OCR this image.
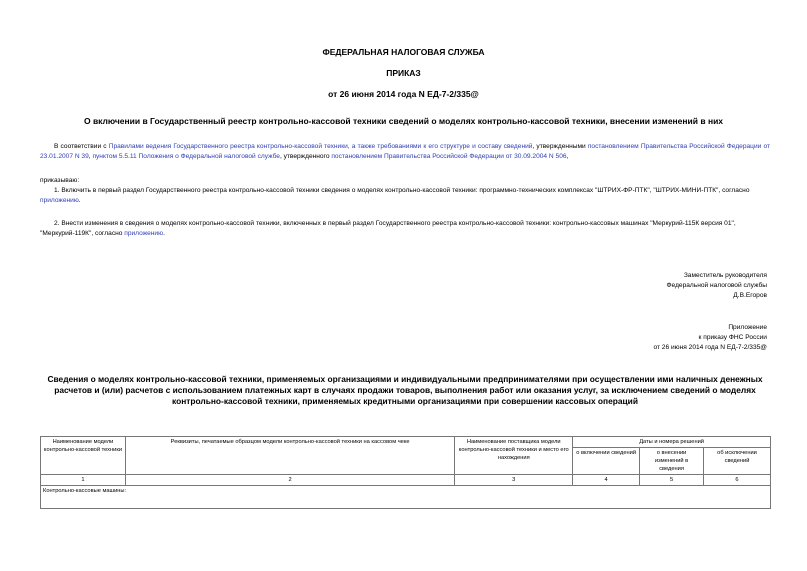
ФЕДЕРАЛЬНАЯ НАЛОГОВАЯ СЛУЖБА
ПРИКАЗ
от 26 июня 2014 года N ЕД-7-2/335@
О включении в Государственный реестр контрольно-кассовой техники сведений о моделях контрольно-кассовой техники, внесении изменений в них
В соответствии с Правилами ведения Государственного реестра контрольно-кассовой техники, а также требованиями к его структуре и составу сведений, утвержденными постановлением Правительства Российской Федерации от 23.01.2007 N 39, пунктом 5.5.11 Положения о Федеральной налоговой службе, утвержденного постановлением Правительства Российской Федерации от 30.09.2004 N 506,
приказываю:
1. Включить в первый раздел Государственного реестра контрольно-кассовой техники сведения о моделях контрольно-кассовой техники: программно-технических комплексах "ШТРИХ-ФР-ПТК", "ШТРИХ-МИНИ-ПТК", согласно приложению.
2. Внести изменения в сведения о моделях контрольно-кассовой техники, включенных в первый раздел Государственного реестра контрольно-кассовой техники: контрольно-кассовых машинах "Меркурий-115К версия 01", "Меркурий-119К", согласно приложению.
Заместитель руководителя
Федеральной налоговой службы
Д.В.Егоров
Приложение
к приказу ФНС России
от 26 июня 2014 года N ЕД-7-2/335@
Сведения о моделях контрольно-кассовой техники, применяемых организациями и индивидуальными предпринимателями при осуществлении ими наличных денежных расчетов и (или) расчетов с использованием платежных карт в случаях продажи товаров, выполнения работ или оказания услуг, за исключением сведений о моделях контрольно-кассовой техники, применяемых кредитными организациями при совершении кассовых операций
Наименование модели контрольно-кассовой техники	Реквизиты, печатаемые образцом модели контрольно-кассовой техники на кассовом чеке	Наименование поставщика модели контрольно-кассовой техники и место его нахождения	Даты и номера решений		
			о включении сведений	о внесении изменений в сведения	об исключении сведений
1	2	3	4	5	6
Контрольно-кассовые машины:					
